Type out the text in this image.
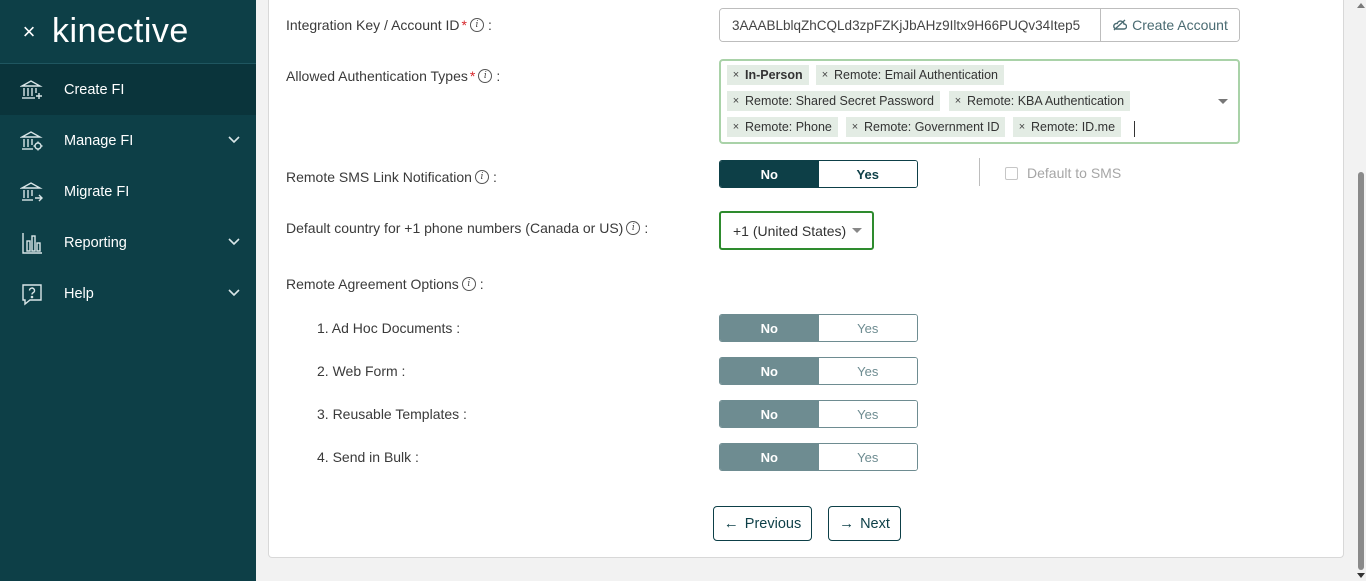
× kinective
Create FI
Manage FI
Migrate FI
Reporting
Help
Integration Key / Account ID * i :
3AAABLblqZhCQLd3zpFZKjJbAHz9Iltx9H66PUQv34Itep5	Create Account
Allowed Authentication Types * i :	× In-Person	× Remote: Email Authentication
× Remote: Shared Secret Password	× Remote: KBA Authentication
× Remote: Phone	× Remote: Government ID	× Remote: ID.me
Remote SMS Link Notification i :	No	Yes	Default to SMS
Default country for +1 phone numbers (Canada or US) i :	+1 (United States)
Remote Agreement Options i :
1. Ad Hoc Documents :	No	Yes
2. Web Form :	No	Yes
3. Reusable Templates :	No	Yes
4. Send in Bulk :	No	Yes
← Previous	→ Next
